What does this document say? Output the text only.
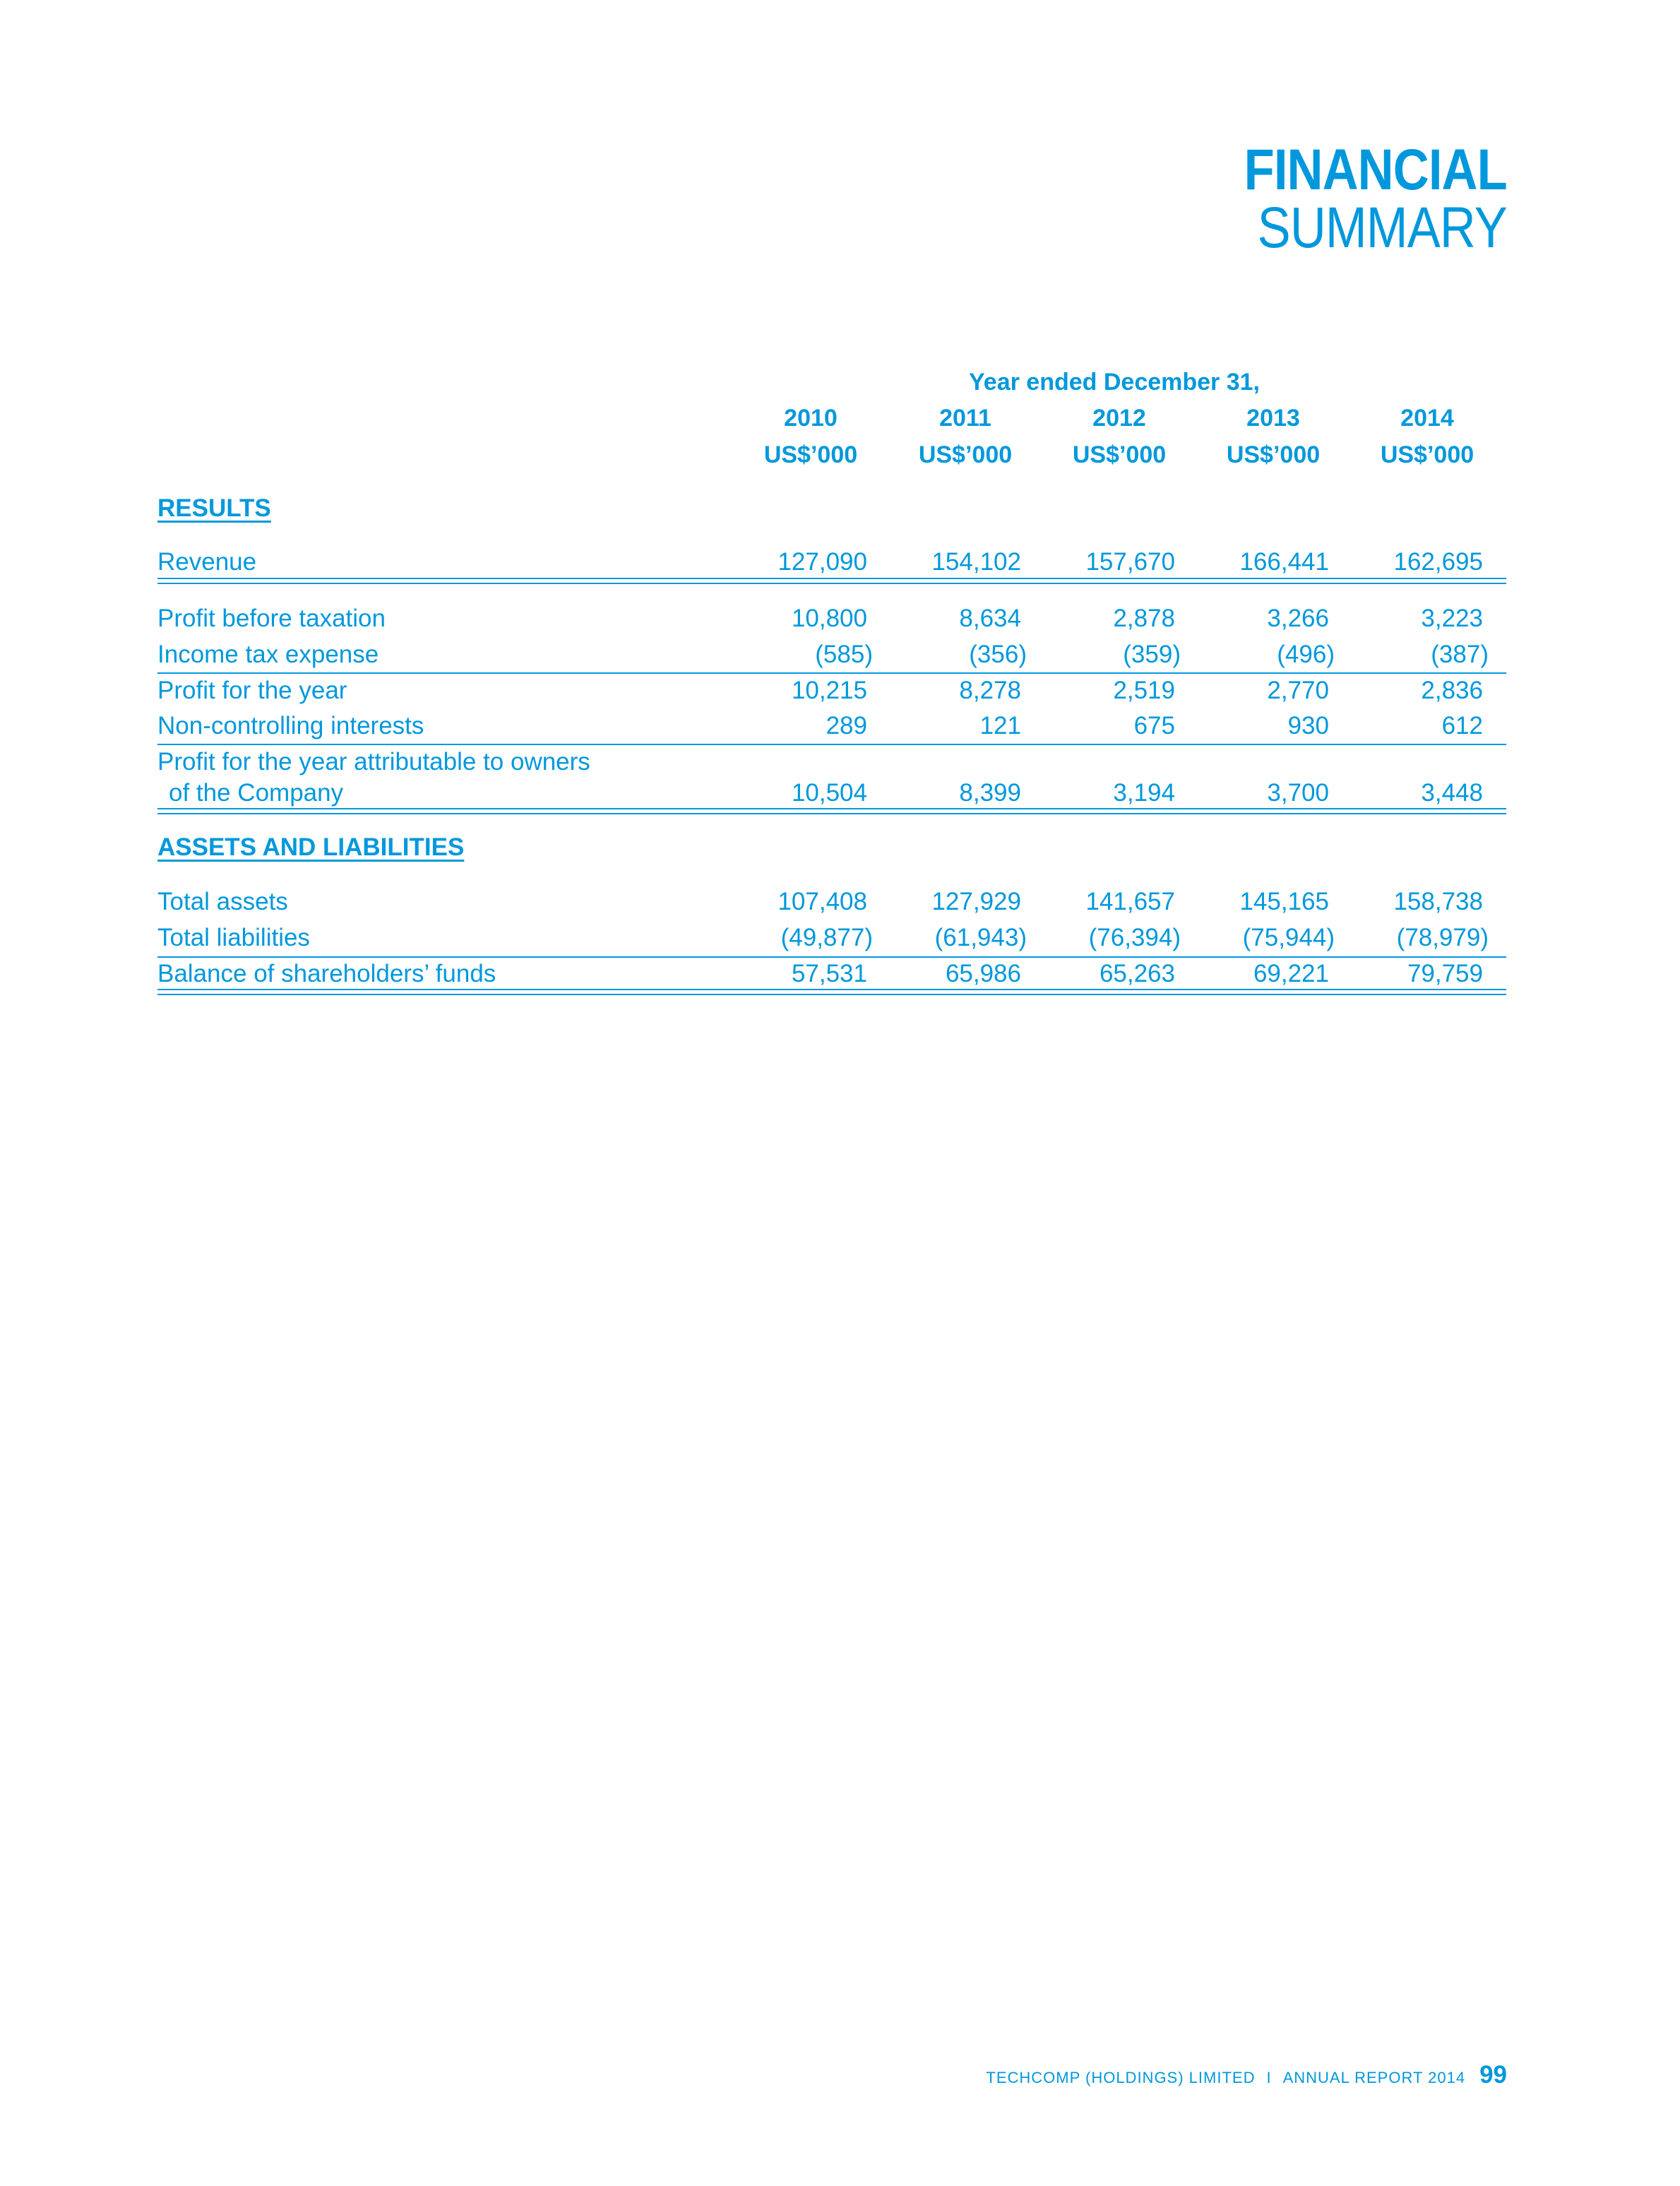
FINANCIAL
SUMMARY
Year ended December 31,
2010	2011	2012	2013	2014
US$’000	US$’000	US$’000	US$’000	US$’000
RESULTS
Revenue	127,090	154,102	157,670	166,441	162,695
Profit before taxation	10,800	8,634	2,878	3,266	3,223
Income tax expense	(585)	(356)	(359)	(496)	(387)
Profit for the year	10,215	8,278	2,519	2,770	2,836
Non-controlling interests	289	121	675	930	612
Profit for the year attributable to owners
of the Company	10,504	8,399	3,194	3,700	3,448
ASSETS AND LIABILITIES
Total assets	107,408	127,929	141,657	145,165	158,738
Total liabilities	(49,877)	(61,943)	(76,394)	(75,944)	(78,979)
Balance of shareholders’ funds	57,531	65,986	65,263	69,221	79,759
TECHCOMP (HOLDINGS) LIMITED I ANNUAL REPORT 2014 99
